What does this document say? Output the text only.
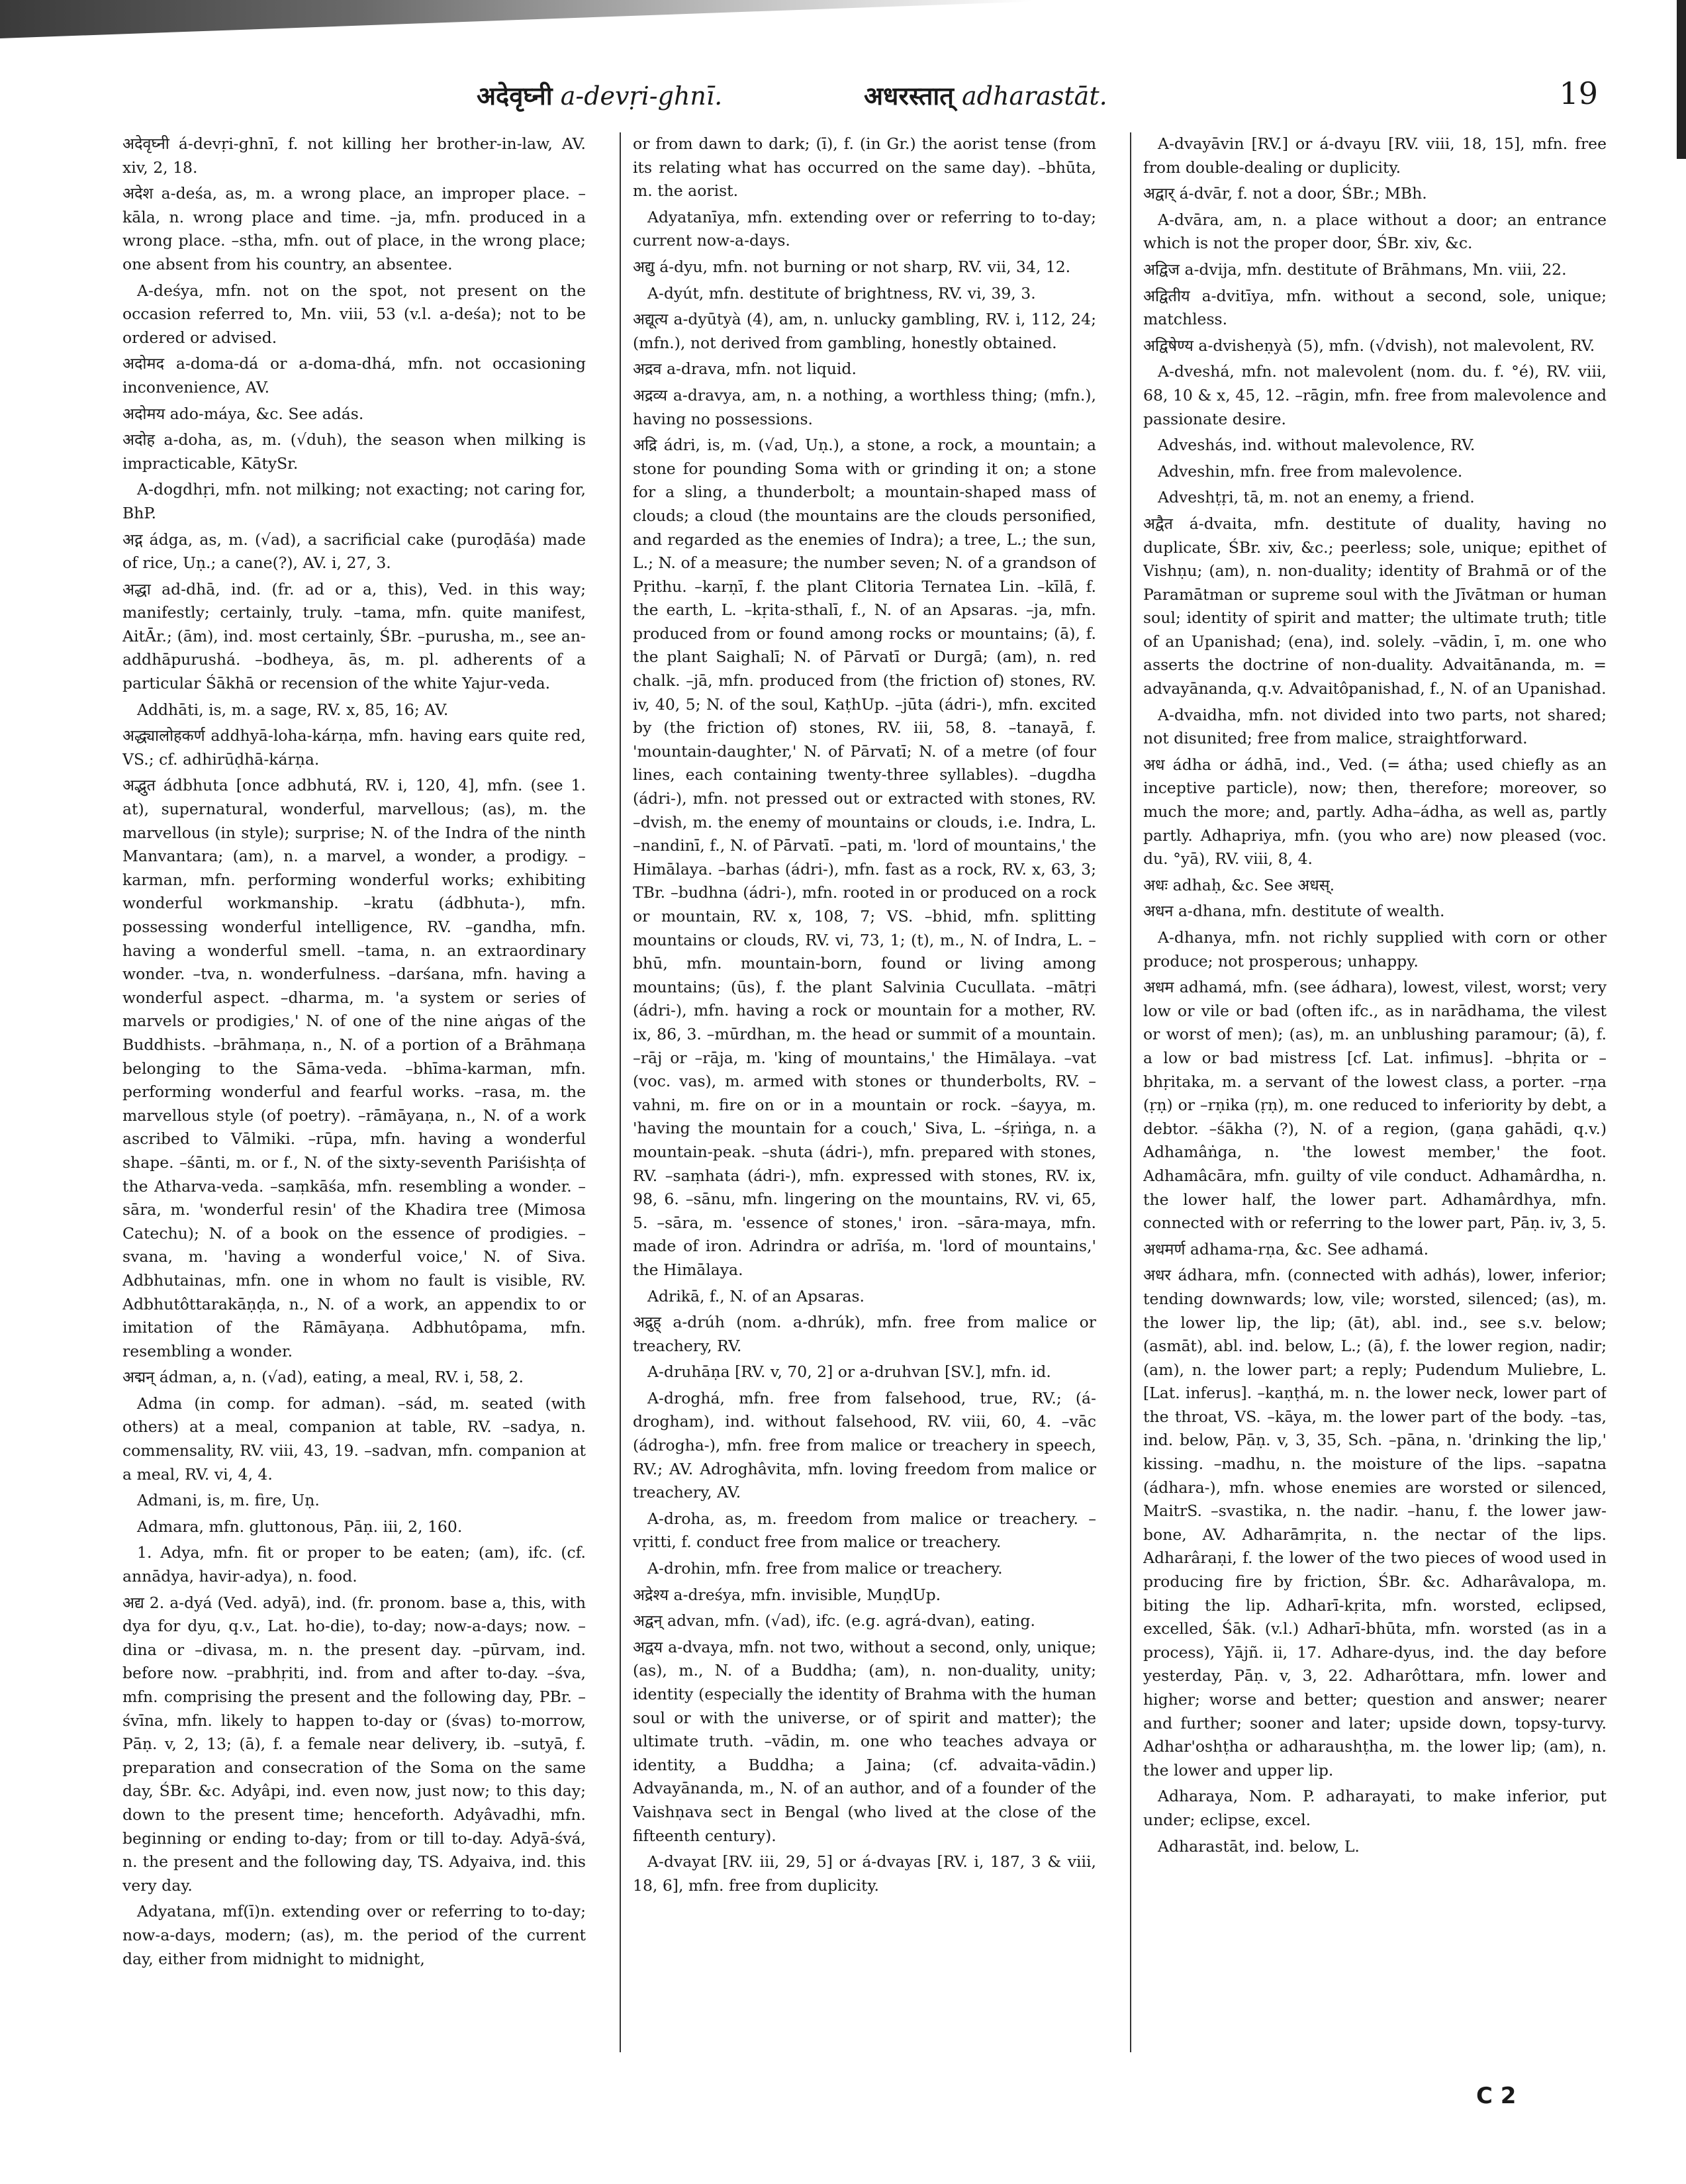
अदेवृघ्नी a-devṛi-ghnī.	अधरस्तात् adharastāt.	19

अदेवृघ्नी á-devṛi-ghnī, f. not killing her brother-in-law, AV. xiv, 2, 18.

अदेश a-deśa, as, m. a wrong place, an improper place. –kāla, n. wrong place and time. –ja, mfn. produced in a wrong place. –stha, mfn. out of place, in the wrong place; one absent from his country, an absentee.

A-deśya, mfn. not on the spot, not present on the occasion referred to, Mn. viii, 53 (v.l. a-deśa); not to be ordered or advised.

अदोमद a-doma-dá or a-doma-dhá, mfn. not occasioning inconvenience, AV.

अदोमय ado-máya, &c. See adás.

अदोह a-doha, as, m. (√duh), the season when milking is impracticable, KātySr.

A-dogdhṛi, mfn. not milking; not exacting; not caring for, BhP.

अद्ग ádga, as, m. (√ad), a sacrificial cake (puroḍāśa) made of rice, Uṇ.; a cane(?), AV. i, 27, 3.

अद्धा ad-dhā, ind. (fr. ad or a, this), Ved. in this way; manifestly; certainly, truly. –tama, mfn. quite manifest, AitĀr.; (ām), ind. most certainly, ŚBr. –purusha, m., see an-addhāpurushá. –bodheya, ās, m. pl. adherents of a particular Śākhā or recension of the white Yajur-veda.

Addhāti, is, m. a sage, RV. x, 85, 16; AV.

अद्ध्यालोहकर्ण addhyā-loha-kárṇa, mfn. having ears quite red, VS.; cf. adhirūḍhā-kárṇa.

अद्भुत ádbhuta [once adbhutá, RV. i, 120, 4], mfn. (see 1. at), supernatural, wonderful, marvellous; (as), m. the marvellous (in style); surprise; N. of the Indra of the ninth Manvantara; (am), n. a marvel, a wonder, a prodigy. –karman, mfn. performing wonderful works; exhibiting wonderful workmanship. –kratu (ádbhuta-), mfn. possessing wonderful intelligence, RV. –gandha, mfn. having a wonderful smell. –tama, n. an extraordinary wonder. –tva, n. wonderfulness. –darśana, mfn. having a wonderful aspect. –dharma, m. 'a system or series of marvels or prodigies,' N. of one of the nine aṅgas of the Buddhists. –brāhmaṇa, n., N. of a portion of a Brāhmaṇa belonging to the Sāma-veda. –bhīma-karman, mfn. performing wonderful and fearful works. –rasa, m. the marvellous style (of poetry). –rāmāyaṇa, n., N. of a work ascribed to Vālmiki. –rūpa, mfn. having a wonderful shape. –śānti, m. or f., N. of the sixty-seventh Pariśishṭa of the Atharva-veda. –saṃkāśa, mfn. resembling a wonder. –sāra, m. 'wonderful resin' of the Khadira tree (Mimosa Catechu); N. of a book on the essence of prodigies. –svana, m. 'having a wonderful voice,' N. of Siva. Adbhutainas, mfn. one in whom no fault is visible, RV. Adbhutôttarakāṇḍa, n., N. of a work, an appendix to or imitation of the Rāmāyaṇa. Adbhutôpama, mfn. resembling a wonder.

अद्मन् ádman, a, n. (√ad), eating, a meal, RV. i, 58, 2.

Adma (in comp. for adman). –sád, m. seated (with others) at a meal, companion at table, RV. –sadya, n. commensality, RV. viii, 43, 19. –sadvan, mfn. companion at a meal, RV. vi, 4, 4.

Admani, is, m. fire, Uṇ.

Admara, mfn. gluttonous, Pāṇ. iii, 2, 160.

1. Adya, mfn. fit or proper to be eaten; (am), ifc. (cf. annādya, havir-adya), n. food.

अद्य 2. a-dyá (Ved. adyā), ind. (fr. pronom. base a, this, with dya for dyu, q.v., Lat. ho-die), to-day; now-a-days; now. –dina or –divasa, m. n. the present day. –pūrvam, ind. before now. –prabhṛiti, ind. from and after to-day. –śva, mfn. comprising the present and the following day, PBr. –śvīna, mfn. likely to happen to-day or (śvas) to-morrow, Pāṇ. v, 2, 13; (ā), f. a female near delivery, ib. –sutyā, f. preparation and consecration of the Soma on the same day, ŚBr. &c. Adyâpi, ind. even now, just now; to this day; down to the present time; henceforth. Adyâvadhi, mfn. beginning or ending to-day; from or till to-day. Adyā-śvá, n. the present and the following day, TS. Adyaiva, ind. this very day.

Adyatana, mf(ī)n. extending over or referring to to-day; now-a-days, modern; (as), m. the period of the current day, either from midnight to midnight,

or from dawn to dark; (ī), f. (in Gr.) the aorist tense (from its relating what has occurred on the same day). –bhūta, m. the aorist.

Adyatanīya, mfn. extending over or referring to to-day; current now-a-days.

अद्यु á-dyu, mfn. not burning or not sharp, RV. vii, 34, 12.

A-dyút, mfn. destitute of brightness, RV. vi, 39, 3.

अद्यूत्य a-dyūtyà (4), am, n. unlucky gambling, RV. i, 112, 24; (mfn.), not derived from gambling, honestly obtained.

अद्रव a-drava, mfn. not liquid.

अद्रव्य a-dravya, am, n. a nothing, a worthless thing; (mfn.), having no possessions.

अद्रि ádri, is, m. (√ad, Uṇ.), a stone, a rock, a mountain; a stone for pounding Soma with or grinding it on; a stone for a sling, a thunderbolt; a mountain-shaped mass of clouds; a cloud (the mountains are the clouds personified, and regarded as the enemies of Indra); a tree, L.; the sun, L.; N. of a measure; the number seven; N. of a grandson of Pṛithu. –karṇī, f. the plant Clitoria Ternatea Lin. –kīlā, f. the earth, L. –kṛita-sthalī, f., N. of an Apsaras. –ja, mfn. produced from or found among rocks or mountains; (ā), f. the plant Saighalī; N. of Pārvatī or Durgā; (am), n. red chalk. –jā, mfn. produced from (the friction of) stones, RV. iv, 40, 5; N. of the soul, KaṭhUp. –jūta (ádri-), mfn. excited by (the friction of) stones, RV. iii, 58, 8. –tanayā, f. 'mountain-daughter,' N. of Pārvatī; N. of a metre (of four lines, each containing twenty-three syllables). –dugdha (ádri-), mfn. not pressed out or extracted with stones, RV. –dvish, m. the enemy of mountains or clouds, i.e. Indra, L. –nandinī, f., N. of Pārvatī. –pati, m. 'lord of mountains,' the Himālaya. –barhas (ádri-), mfn. fast as a rock, RV. x, 63, 3; TBr. –budhna (ádri-), mfn. rooted in or produced on a rock or mountain, RV. x, 108, 7; VS. –bhid, mfn. splitting mountains or clouds, RV. vi, 73, 1; (t), m., N. of Indra, L. –bhū, mfn. mountain-born, found or living among mountains; (ūs), f. the plant Salvinia Cucullata. –mātṛi (ádri-), mfn. having a rock or mountain for a mother, RV. ix, 86, 3. –mūrdhan, m. the head or summit of a mountain. –rāj or –rāja, m. 'king of mountains,' the Himālaya. –vat (voc. vas), m. armed with stones or thunderbolts, RV. –vahni, m. fire on or in a mountain or rock. –śayya, m. 'having the mountain for a couch,' Siva, L. –śṛiṅga, n. a mountain-peak. –shuta (ádri-), mfn. prepared with stones, RV. –saṃhata (ádri-), mfn. expressed with stones, RV. ix, 98, 6. –sānu, mfn. lingering on the mountains, RV. vi, 65, 5. –sāra, m. 'essence of stones,' iron. –sāra-maya, mfn. made of iron. Adrindra or adrīśa, m. 'lord of mountains,' the Himālaya.

Adrikā, f., N. of an Apsaras.

अद्रुह् a-drúh (nom. a-dhrúk), mfn. free from malice or treachery, RV.

A-druhāṇa [RV. v, 70, 2] or a-druhvan [SV.], mfn. id.

A-droghá, mfn. free from falsehood, true, RV.; (á-drogham), ind. without falsehood, RV. viii, 60, 4. –vāc (ádrogha-), mfn. free from malice or treachery in speech, RV.; AV. Adroghâvita, mfn. loving freedom from malice or treachery, AV.

A-droha, as, m. freedom from malice or treachery. –vṛitti, f. conduct free from malice or treachery.

A-drohin, mfn. free from malice or treachery.

अद्रेश्य a-dreśya, mfn. invisible, MuṇḍUp.

अद्वन् advan, mfn. (√ad), ifc. (e.g. agrá-dvan), eating.

अद्वय a-dvaya, mfn. not two, without a second, only, unique; (as), m., N. of a Buddha; (am), n. non-duality, unity; identity (especially the identity of Brahma with the human soul or with the universe, or of spirit and matter); the ultimate truth. –vādin, m. one who teaches advaya or identity, a Buddha; a Jaina; (cf. advaita-vādin.) Advayānanda, m., N. of an author, and of a founder of the Vaishṇava sect in Bengal (who lived at the close of the fifteenth century).

A-dvayat [RV. iii, 29, 5] or á-dvayas [RV. i, 187, 3 & viii, 18, 6], mfn. free from duplicity.

A-dvayāvin [RV.] or á-dvayu [RV. viii, 18, 15], mfn. free from double-dealing or duplicity.

अद्वार् á-dvār, f. not a door, ŚBr.; MBh.

A-dvāra, am, n. a place without a door; an entrance which is not the proper door, ŚBr. xiv, &c.

अद्विज a-dvija, mfn. destitute of Brāhmans, Mn. viii, 22.

अद्वितीय a-dvitīya, mfn. without a second, sole, unique; matchless.

अद्विषेण्य a-dvisheṇyà (5), mfn. (√dvish), not malevolent, RV.

A-dveshá, mfn. not malevolent (nom. du. f. °é), RV. viii, 68, 10 & x, 45, 12. –rāgin, mfn. free from malevolence and passionate desire.

Adveshás, ind. without malevolence, RV.

Adveshin, mfn. free from malevolence.

Adveshṭṛi, tā, m. not an enemy, a friend.

अद्वैत á-dvaita, mfn. destitute of duality, having no duplicate, ŚBr. xiv, &c.; peerless; sole, unique; epithet of Vishṇu; (am), n. non-duality; identity of Brahmā or of the Paramātman or supreme soul with the Jīvātman or human soul; identity of spirit and matter; the ultimate truth; title of an Upanishad; (ena), ind. solely. –vādin, ī, m. one who asserts the doctrine of non-duality. Advaitānanda, m. = advayānanda, q.v. Advaitôpanishad, f., N. of an Upanishad.

A-dvaidha, mfn. not divided into two parts, not shared; not disunited; free from malice, straightforward.

अध ádha or ádhā, ind., Ved. (= átha; used chiefly as an inceptive particle), now; then, therefore; moreover, so much the more; and, partly. Adha–ádha, as well as, partly partly. Adhapriya, mfn. (you who are) now pleased (voc. du. °yā), RV. viii, 8, 4.

अधः adhaḥ, &c. See अधस्.

अधन a-dhana, mfn. destitute of wealth.

A-dhanya, mfn. not richly supplied with corn or other produce; not prosperous; unhappy.

अधम adhamá, mfn. (see ádhara), lowest, vilest, worst; very low or vile or bad (often ifc., as in narādhama, the vilest or worst of men); (as), m. an unblushing paramour; (ā), f. a low or bad mistress [cf. Lat. infimus]. –bhṛita or –bhṛitaka, m. a servant of the lowest class, a porter. –rṇa (ṛṇ) or –rṇika (ṛṇ), m. one reduced to inferiority by debt, a debtor. –śākha (?), N. of a region, (gaṇa gahādi, q.v.) Adhamâṅga, n. 'the lowest member,' the foot. Adhamâcāra, mfn. guilty of vile conduct. Adhamârdha, n. the lower half, the lower part. Adhamârdhya, mfn. connected with or referring to the lower part, Pāṇ. iv, 3, 5.

अधमर्ण adhama-rṇa, &c. See adhamá.

अधर ádhara, mfn. (connected with adhás), lower, inferior; tending downwards; low, vile; worsted, silenced; (as), m. the lower lip, the lip; (āt), abl. ind., see s.v. below; (asmāt), abl. ind. below, L.; (ā), f. the lower region, nadir; (am), n. the lower part; a reply; Pudendum Muliebre, L. [Lat. inferus]. –kaṇṭhá, m. n. the lower neck, lower part of the throat, VS. –kāya, m. the lower part of the body. –tas, ind. below, Pāṇ. v, 3, 35, Sch. –pāna, n. 'drinking the lip,' kissing. –madhu, n. the moisture of the lips. –sapatna (ádhara-), mfn. whose enemies are worsted or silenced, MaitrS. –svastika, n. the nadir. –hanu, f. the lower jaw-bone, AV. Adharāmṛita, n. the nectar of the lips. Adharâraṇi, f. the lower of the two pieces of wood used in producing fire by friction, ŚBr. &c. Adharâvalopa, m. biting the lip. Adharī-kṛita, mfn. worsted, eclipsed, excelled, Śāk. (v.l.) Adharī-bhūta, mfn. worsted (as in a process), Yājñ. ii, 17. Adhare-dyus, ind. the day before yesterday, Pāṇ. v, 3, 22. Adharôttara, mfn. lower and higher; worse and better; question and answer; nearer and further; sooner and later; upside down, topsy-turvy. Adhar'oshṭha or adharaushṭha, m. the lower lip; (am), n. the lower and upper lip.

Adharaya, Nom. P. adharayati, to make inferior, put under; eclipse, excel.

Adharastāt, ind. below, L.

C 2
